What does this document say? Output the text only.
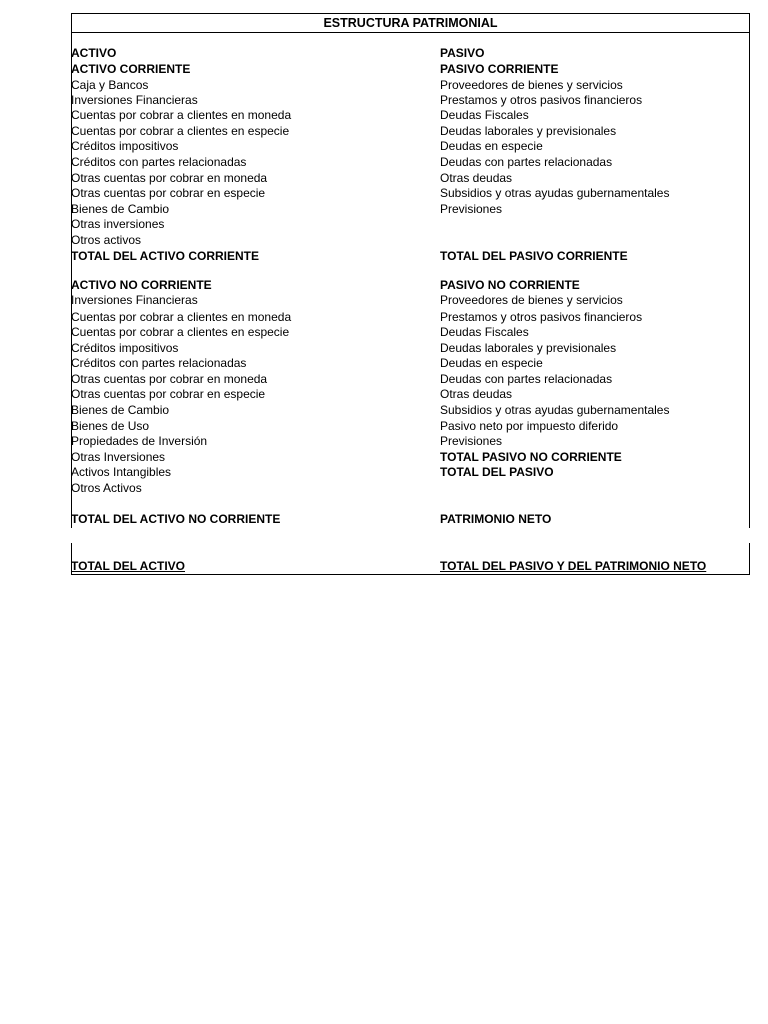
ESTRUCTURA PATRIMONIAL
ACTIVO
ACTIVO CORRIENTE
Caja y Bancos
Inversiones Financieras
Cuentas por cobrar a clientes en moneda
Cuentas por cobrar a clientes en especie
Créditos impositivos
Créditos con partes relacionadas
Otras cuentas por cobrar en moneda
Otras cuentas por cobrar en especie
Bienes de Cambio
Otras inversiones
Otros activos
TOTAL DEL ACTIVO CORRIENTE
ACTIVO NO CORRIENTE
Inversiones Financieras
Cuentas por cobrar a clientes en moneda
Cuentas por cobrar a clientes en especie
Créditos impositivos
Créditos con partes relacionadas
Otras cuentas por cobrar en moneda
Otras cuentas por cobrar en especie
Bienes de Cambio
Bienes de Uso
Propiedades de Inversión
Otras Inversiones
Activos Intangibles
Otros Activos
TOTAL DEL ACTIVO NO CORRIENTE
TOTAL DEL ACTIVO
PASIVO
PASIVO CORRIENTE
Proveedores de bienes y servicios
Prestamos y otros pasivos financieros
Deudas Fiscales
Deudas laborales y previsionales
Deudas en especie
Deudas con partes relacionadas
Otras deudas
Subsidios y otras ayudas gubernamentales
Previsiones
TOTAL DEL PASIVO CORRIENTE
PASIVO NO CORRIENTE
Proveedores de bienes y servicios
Prestamos y otros pasivos financieros
Deudas Fiscales
Deudas laborales y previsionales
Deudas en especie
Deudas con partes relacionadas
Otras deudas
Subsidios y otras ayudas gubernamentales
Pasivo neto por impuesto diferido
Previsiones
TOTAL PASIVO NO CORRIENTE
TOTAL DEL PASIVO
PATRIMONIO NETO
TOTAL DEL PASIVO Y DEL PATRIMONIO NETO
